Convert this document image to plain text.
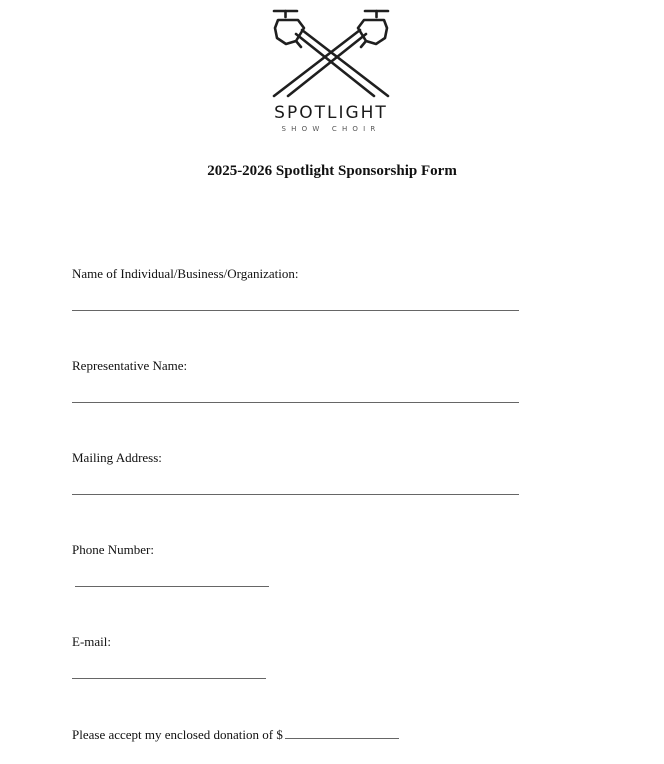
SPOTLIGHT
SHOW CHOIR
2025-2026 Spotlight Sponsorship Form
Name of Individual/Business/Organization:
Representative Name:
Mailing Address:
Phone Number:
E-mail:
Please accept my enclosed donation of $
